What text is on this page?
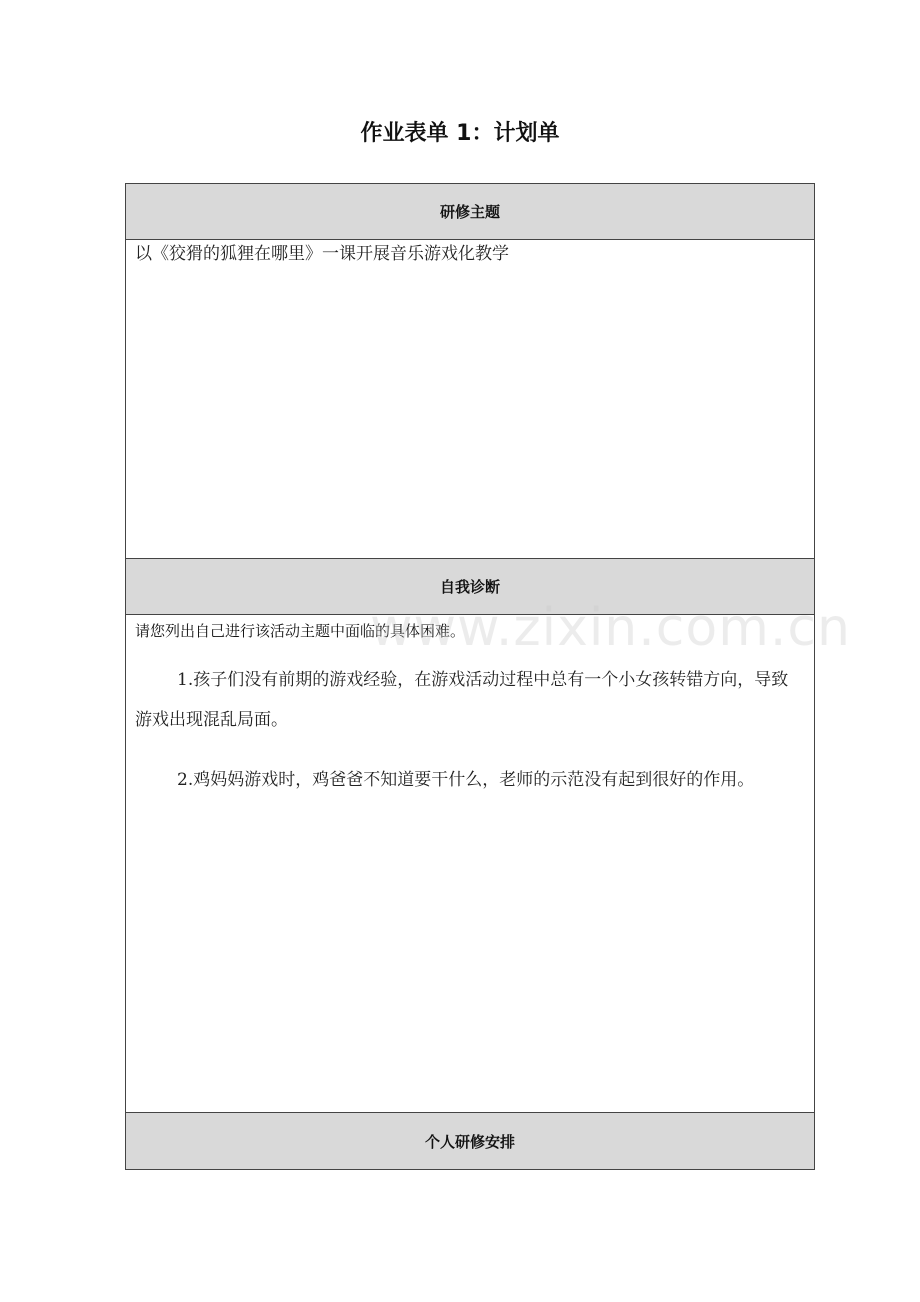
作业表单 1：计划单
研修主题
以《狡猾的狐狸在哪里》一课开展音乐游戏化教学
自我诊断
请您列出自己进行该活动主题中面临的具体困难。

1.孩子们没有前期的游戏经验，在游戏活动过程中总有一个小女孩转错方向，导致游戏出现混乱局面。

2.鸡妈妈游戏时，鸡爸爸不知道要干什么，老师的示范没有起到很好的作用。

个人研修安排
www.zixin.com.cn
